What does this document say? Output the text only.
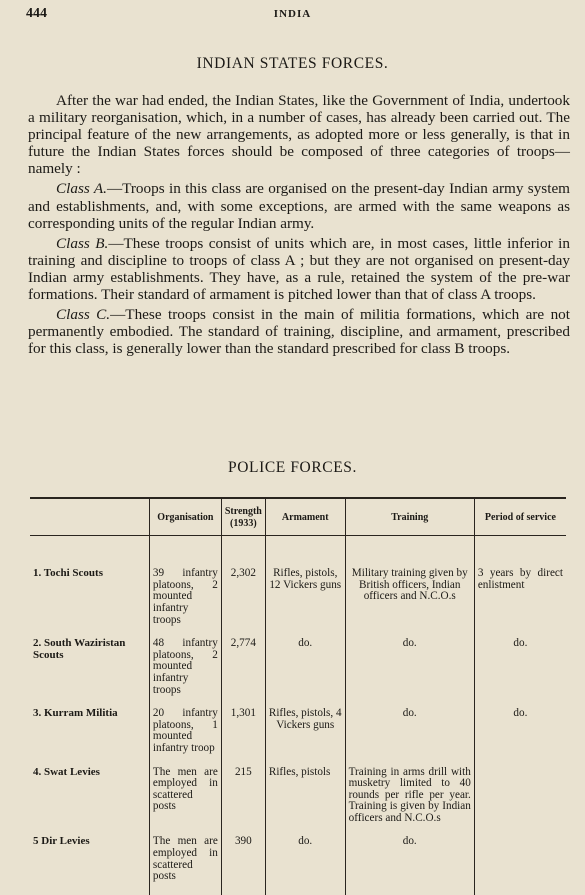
444	INDIA
INDIAN STATES FORCES.

After the war had ended, the Indian States, like the Government of India, undertook a military reorganisation, which, in a number of cases, has already been carried out. The principal feature of the new arrangements, as adopted more or less generally, is that in future the Indian States forces should be composed of three categories of troops—namely :

Class A.—Troops in this class are organised on the present-day Indian army system and establishments, and, with some exceptions, are armed with the same weapons as corresponding units of the regular Indian army.

Class B.—These troops consist of units which are, in most cases, little inferior in training and discipline to troops of class A ; but they are not organised on present-day Indian army establishments. They have, as a rule, retained the system of the pre-war formations. Their standard of armament is pitched lower than that of class A troops.

Class C.—These troops consist in the main of militia formations, which are not permanently embodied. The standard of training, discipline, and armament, prescribed for this class, is generally lower than the standard prescribed for class B troops.

POLICE FORCES.
	Organisation	Strength (1933)	Armament	Training	Period of service

1. Tochi Scouts	39 infantry platoons, 2 mounted infantry troops	2,302	Rifles, pistols, 12 Vickers guns	Military training given by British officers, Indian officers and N.C.O.s	3 years by direct enlistment
2. South Waziristan Scouts	48 infantry platoons, 2 mounted infantry troops	2,774	do.	do.	do.
3. Kurram Militia	20 infantry platoons, 1 mounted infantry troop	1,301	Rifles, pistols, 4 Vickers guns	do.	do.
4. Swat Levies	The men are employed in scattered posts	215	Rifles, pistols	Training in arms drill with musketry limited to 40 rounds per rifle per year. Training is given by Indian officers and N.C.O.s	
5 Dir Levies	The men are employed in scattered posts	390	do.	do.	
